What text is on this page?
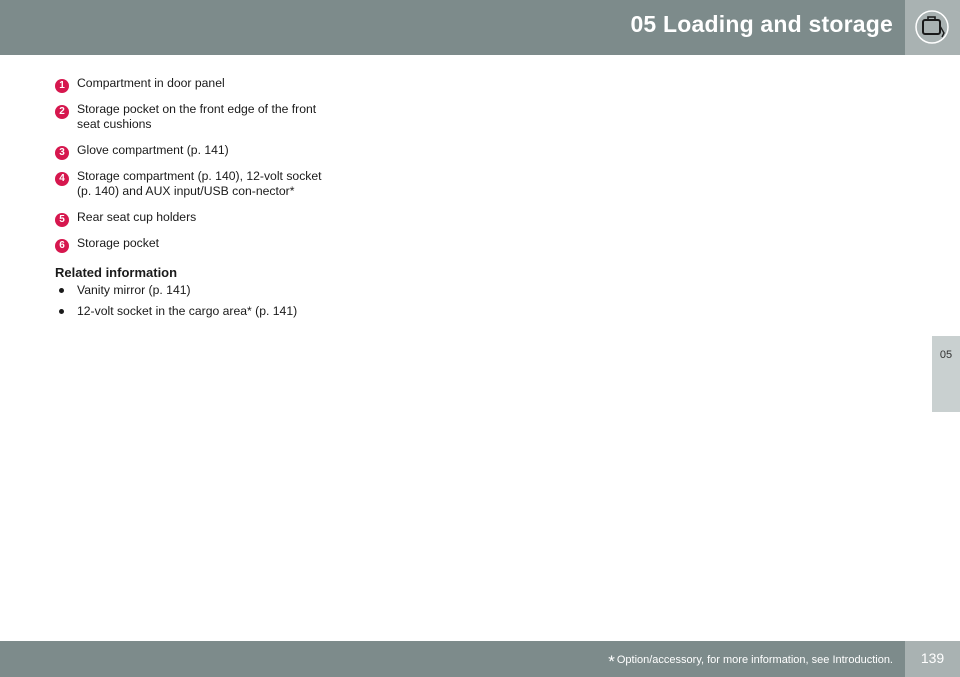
05 Loading and storage
05
1	Compartment in door panel
2	Storage pocket on the front edge of the front seat cushions
3	Glove compartment (p. 141)
4	Storage compartment (p. 140), 12-volt socket (p. 140) and AUX input/USB con-nector*
5	Rear seat cup holders
6	Storage pocket
Related information
Vanity mirror (p. 141)
12-volt socket in the cargo area* (p. 141)
* Option/accessory, for more information, see Introduction.	139
